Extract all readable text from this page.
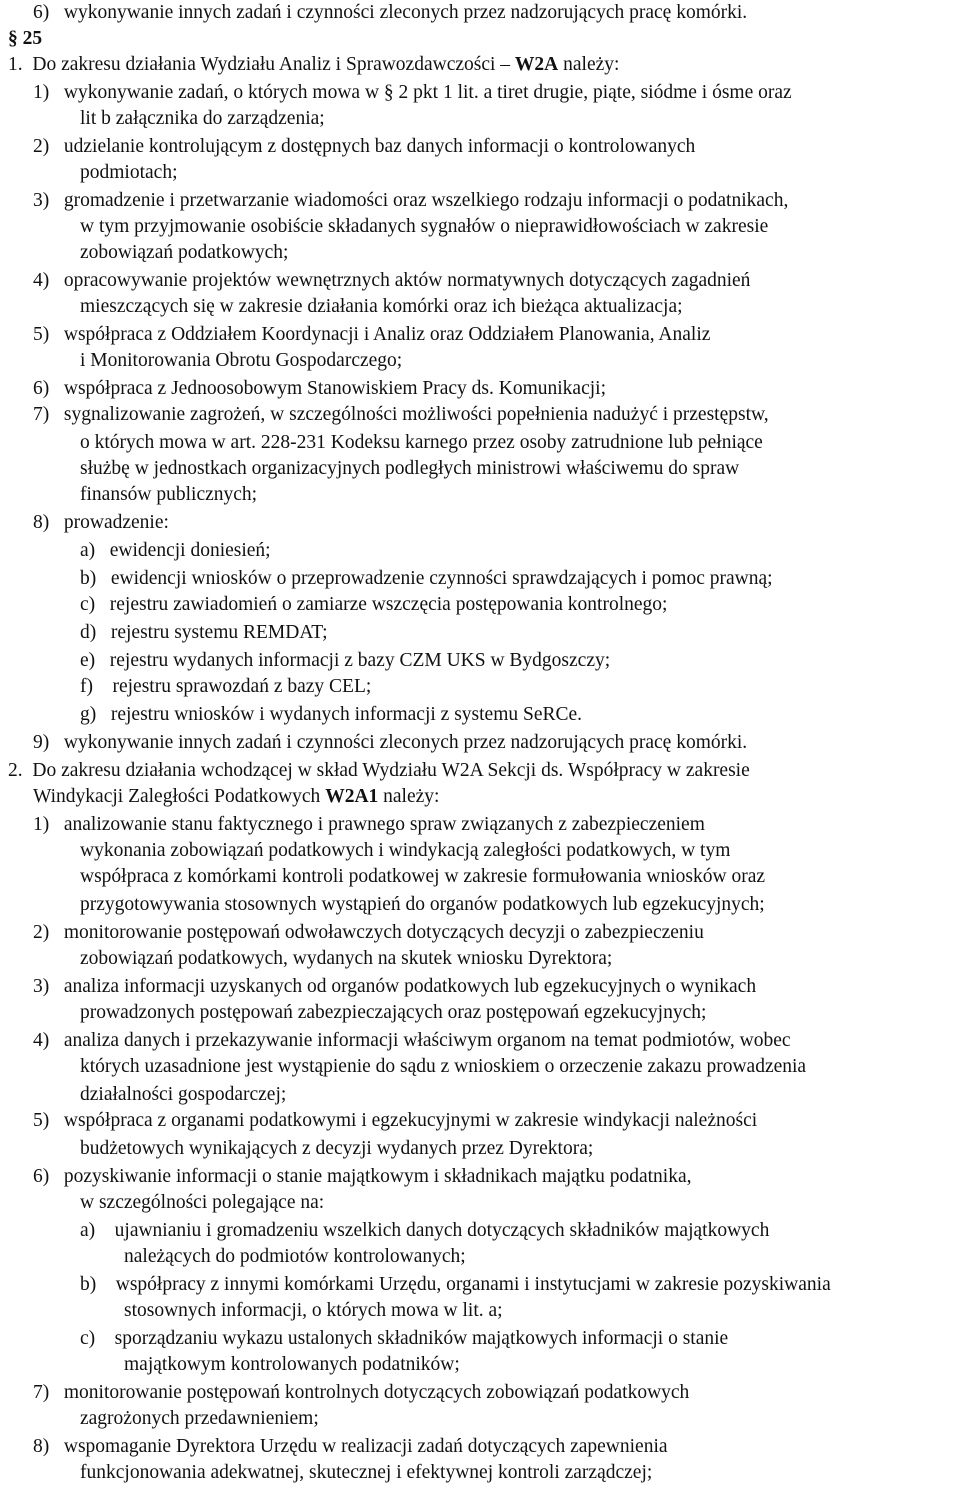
6)   wykonywanie innych zadań i czynności zleconych przez nadzorujących pracę komórki.
§ 25
1.  Do zakresu działania Wydziału Analiz i Sprawozdawczości – W2A należy:
1)   wykonywanie zadań, o których mowa w § 2 pkt 1 lit. a tiret drugie, piąte, siódme i ósme oraz
lit b załącznika do zarządzenia;
2)   udzielanie kontrolującym z dostępnych baz danych informacji o kontrolowanych
podmiotach;
3)   gromadzenie i przetwarzanie wiadomości oraz wszelkiego rodzaju informacji o podatnikach,
w tym przyjmowanie osobiście składanych sygnałów o nieprawidłowościach w zakresie
zobowiązań podatkowych;
4)   opracowywanie projektów wewnętrznych aktów normatywnych dotyczących zagadnień
mieszczących się w zakresie działania komórki oraz ich bieżąca aktualizacja;
5)   współpraca z Oddziałem Koordynacji i Analiz oraz Oddziałem Planowania, Analiz
i Monitorowania Obrotu Gospodarczego;
6)   współpraca z Jednoosobowym Stanowiskiem Pracy ds. Komunikacji;
7)   sygnalizowanie zagrożeń, w szczególności możliwości popełnienia nadużyć i przestępstw,
o których mowa w art. 228-231 Kodeksu karnego przez osoby zatrudnione lub pełniące
służbę w jednostkach organizacyjnych podległych ministrowi właściwemu do spraw
finansów publicznych;
8)   prowadzenie:
a)   ewidencji doniesień;
b)   ewidencji wniosków o przeprowadzenie czynności sprawdzających i pomoc prawną;
c)   rejestru zawiadomień o zamiarze wszczęcia postępowania kontrolnego;
d)   rejestru systemu REMDAT;
e)   rejestru wydanych informacji z bazy CZM UKS w Bydgoszczy;
f)    rejestru sprawozdań z bazy CEL;
g)   rejestru wniosków i wydanych informacji z systemu SeRCe.
9)   wykonywanie innych zadań i czynności zleconych przez nadzorujących pracę komórki.
2.  Do zakresu działania wchodzącej w skład Wydziału W2A Sekcji ds. Współpracy w zakresie
Windykacji Zaległości Podatkowych W2A1 należy:
1)   analizowanie stanu faktycznego i prawnego spraw związanych z zabezpieczeniem
wykonania zobowiązań podatkowych i windykacją zaległości podatkowych, w tym
współpraca z komórkami kontroli podatkowej w zakresie formułowania wniosków oraz
przygotowywania stosownych wystąpień do organów podatkowych lub egzekucyjnych;
2)   monitorowanie postępowań odwoławczych dotyczących decyzji o zabezpieczeniu
zobowiązań podatkowych, wydanych na skutek wniosku Dyrektora;
3)   analiza informacji uzyskanych od organów podatkowych lub egzekucyjnych o wynikach
prowadzonych postępowań zabezpieczających oraz postępowań egzekucyjnych;
4)   analiza danych i przekazywanie informacji właściwym organom na temat podmiotów, wobec
których uzasadnione jest wystąpienie do sądu z wnioskiem o orzeczenie zakazu prowadzenia
działalności gospodarczej;
5)   współpraca z organami podatkowymi i egzekucyjnymi w zakresie windykacji należności
budżetowych wynikających z decyzji wydanych przez Dyrektora;
6)   pozyskiwanie informacji o stanie majątkowym i składnikach majątku podatnika,
w szczególności polegające na:
a)    ujawnianiu i gromadzeniu wszelkich danych dotyczących składników majątkowych
należących do podmiotów kontrolowanych;
b)    współpracy z innymi komórkami Urzędu, organami i instytucjami w zakresie pozyskiwania
stosownych informacji, o których mowa w lit. a;
c)    sporządzaniu wykazu ustalonych składników majątkowych informacji o stanie
majątkowym kontrolowanych podatników;
7)   monitorowanie postępowań kontrolnych dotyczących zobowiązań podatkowych
zagrożonych przedawnieniem;
8)   wspomaganie Dyrektora Urzędu w realizacji zadań dotyczących zapewnienia
funkcjonowania adekwatnej, skutecznej i efektywnej kontroli zarządczej;
